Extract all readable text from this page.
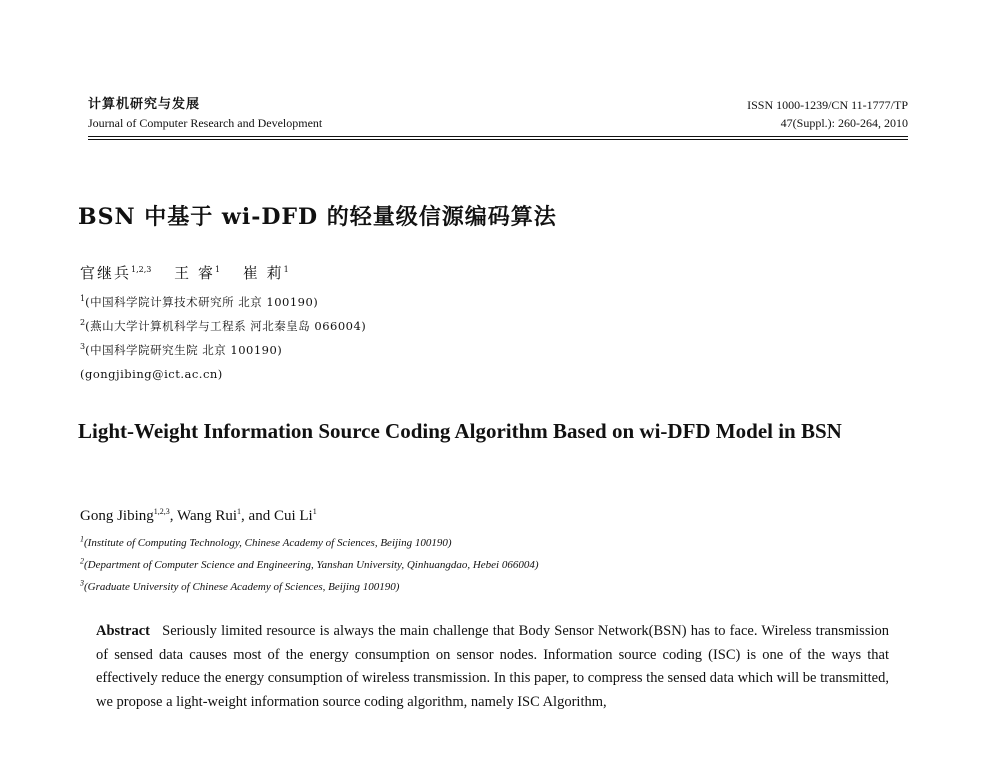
计算机研究与发展
Journal of Computer Research and Development
ISSN 1000-1239/CN 11-1777/TP
47(Suppl.): 260-264, 2010
BSN 中基于 wi-DFD 的轻量级信源编码算法
官继兵$^{1,2,3}$ 王 睿$^1$ 崔 莉$^1$
$^1$(中国科学院计算技术研究所 北京 100190)
$^2$(燕山大学计算机科学与工程系 河北秦皇岛 066004)
$^3$(中国科学院研究生院 北京 100190)
(gongjibing@ict.ac.cn)
Light-Weight Information Source Coding Algorithm Based on wi-DFD Model in BSN
Gong Jibing$^{1,2,3}$, Wang Rui$^1$, and Cui Li$^1$
$^1$(Institute of Computing Technology, Chinese Academy of Sciences, Beijing 100190)
$^2$(Department of Computer Science and Engineering, Yanshan University, Qinhuangdao, Hebei 066004)
$^3$(Graduate University of Chinese Academy of Sciences, Beijing 100190)
Abstract Seriously limited resource is always the main challenge that Body Sensor Network(BSN) has to face. Wireless transmission of sensed data causes most of the energy consumption on sensor nodes. Information source coding (ISC) is one of the ways that effectively reduce the energy consumption of wireless transmission. In this paper, to compress the sensed data which will be transmitted, we propose a light-weight information source coding algorithm, namely ISC Algorithm,
